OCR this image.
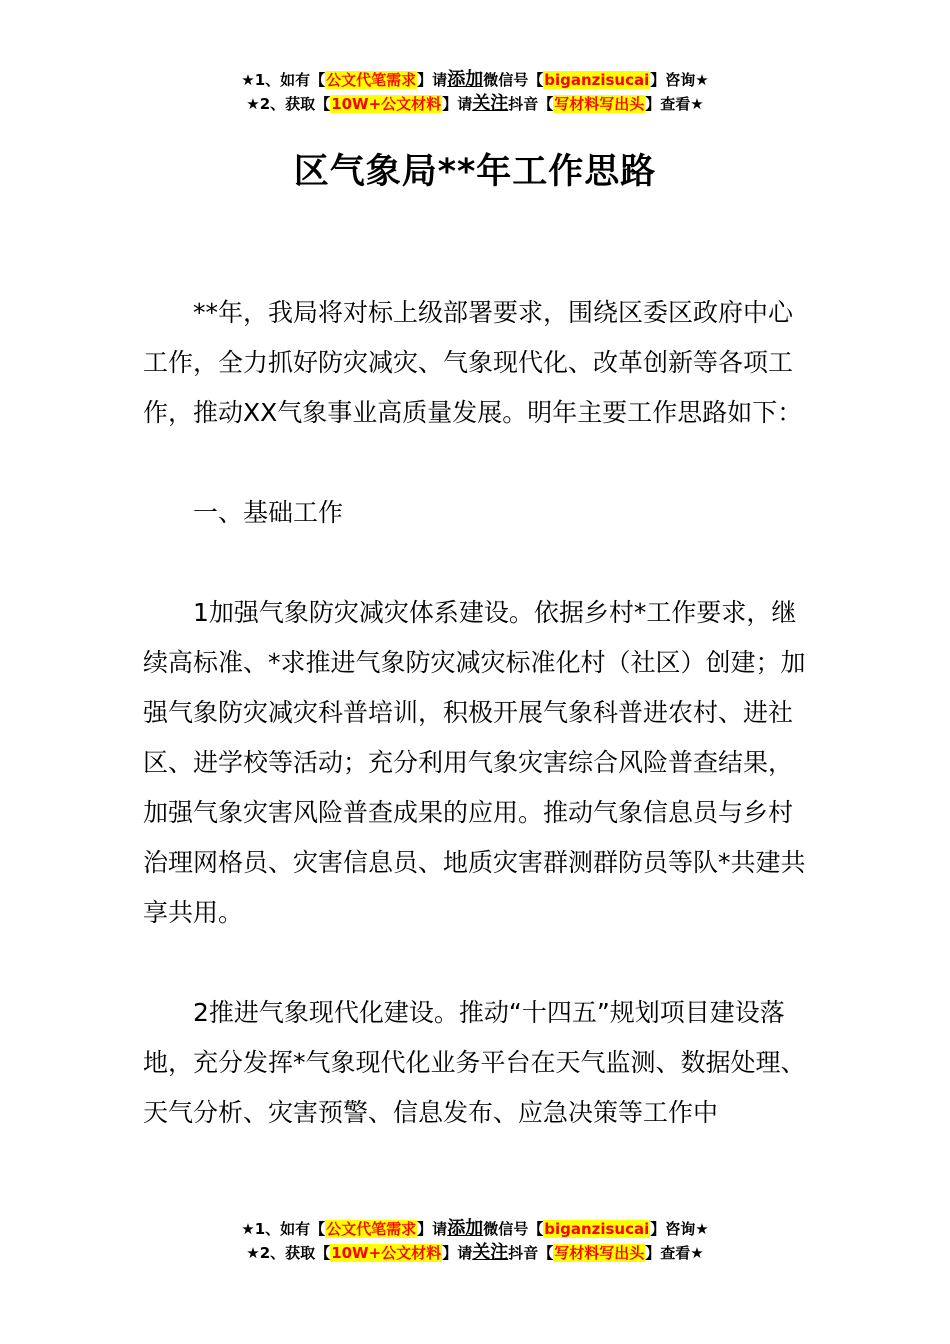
★1、如有【公文代笔需求】请添加微信号【biganzisucai】咨询★
★2、获取【10W+公文材料】请关注抖音【写材料写出头】查看★
区气象局**年工作思路

**年，我局将对标上级部署要求，围绕区委区政府中心工作，全力抓好防灾减灾、气象现代化、改革创新等各项工作，推动XX气象事业高质量发展。明年主要工作思路如下：

一、基础工作

1加强气象防灾减灾体系建设。依据乡村*工作要求，继续高标准、*求推进气象防灾减灾标准化村（社区）创建；加强气象防灾减灾科普培训，积极开展气象科普进农村、进社区、进学校等活动；充分利用气象灾害综合风险普查结果，加强气象灾害风险普查成果的应用。推动气象信息员与乡村治理网格员、灾害信息员、地质灾害群测群防员等队*共建共享共用。

2推进气象现代化建设。推动“十四五”规划项目建设落地，充分发挥*气象现代化业务平台在天气监测、数据处理、天气分析、灾害预警、信息发布、应急决策等工作中

★1、如有【公文代笔需求】请添加微信号【biganzisucai】咨询★
★2、获取【10W+公文材料】请关注抖音【写材料写出头】查看★
